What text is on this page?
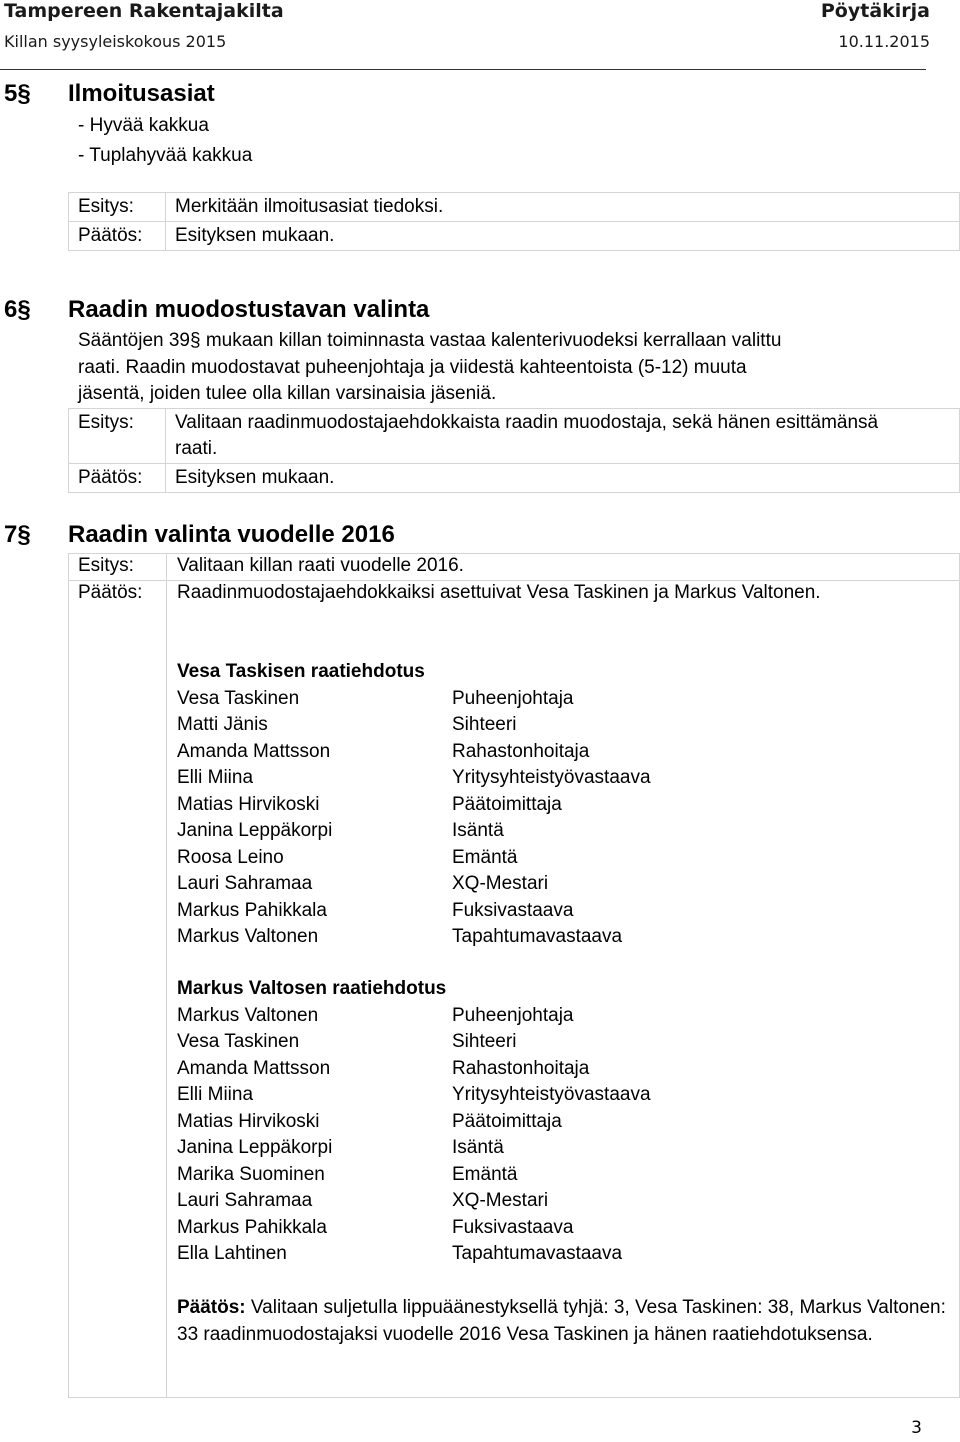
Tampereen Rakentajakilta	Pöytäkirja
Killan syysyleiskokous 2015	10.11.2015
5§ Ilmoitusasiat
- Hyvää kakkua
- Tuplahyvää kakkua
Esitys:	Merkitään ilmoitusasiat tiedoksi.
Päätös:	Esityksen mukaan.
6§ Raadin muodostustavan valinta
Sääntöjen 39§ mukaan killan toiminnasta vastaa kalenterivuodeksi kerrallaan valittu
raati. Raadin muodostavat puheenjohtaja ja viidestä kahteentoista (5-12) muuta
jäsentä, joiden tulee olla killan varsinaisia jäseniä.
Esitys:	Valitaan raadinmuodostajaehdokkaista raadin muodostaja, sekä hänen esittämänsä raati.
Päätös:	Esityksen mukaan.
7§ Raadin valinta vuodelle 2016
Esitys: Valitaan killan raati vuodelle 2016.
Päätös: Raadinmuodostajaehdokkaiksi asettuivat Vesa Taskinen ja Markus Valtonen.
Vesa Taskisen raatiehdotus
Vesa Taskinen	Puheenjohtaja
Matti Jänis	Sihteeri
Amanda Mattsson	Rahastonhoitaja
Elli Miina	Yritysyhteistyövastaava
Matias Hirvikoski	Päätoimittaja
Janina Leppäkorpi	Isäntä
Roosa Leino	Emäntä
Lauri Sahramaa	XQ-Mestari
Markus Pahikkala	Fuksivastaava
Markus Valtonen	Tapahtumavastaava
Markus Valtosen raatiehdotus
Markus Valtonen	Puheenjohtaja
Vesa Taskinen	Sihteeri
Amanda Mattsson	Rahastonhoitaja
Elli Miina	Yritysyhteistyövastaava
Matias Hirvikoski	Päätoimittaja
Janina Leppäkorpi	Isäntä
Marika Suominen	Emäntä
Lauri Sahramaa	XQ-Mestari
Markus Pahikkala	Fuksivastaava
Ella Lahtinen	Tapahtumavastaava
Päätös: Valitaan suljetulla lippuäänestyksellä tyhjä: 3, Vesa Taskinen: 38, Markus Valtonen: 33 raadinmuodostajaksi vuodelle 2016 Vesa Taskinen ja hänen raatiehdotuksensa.
3
